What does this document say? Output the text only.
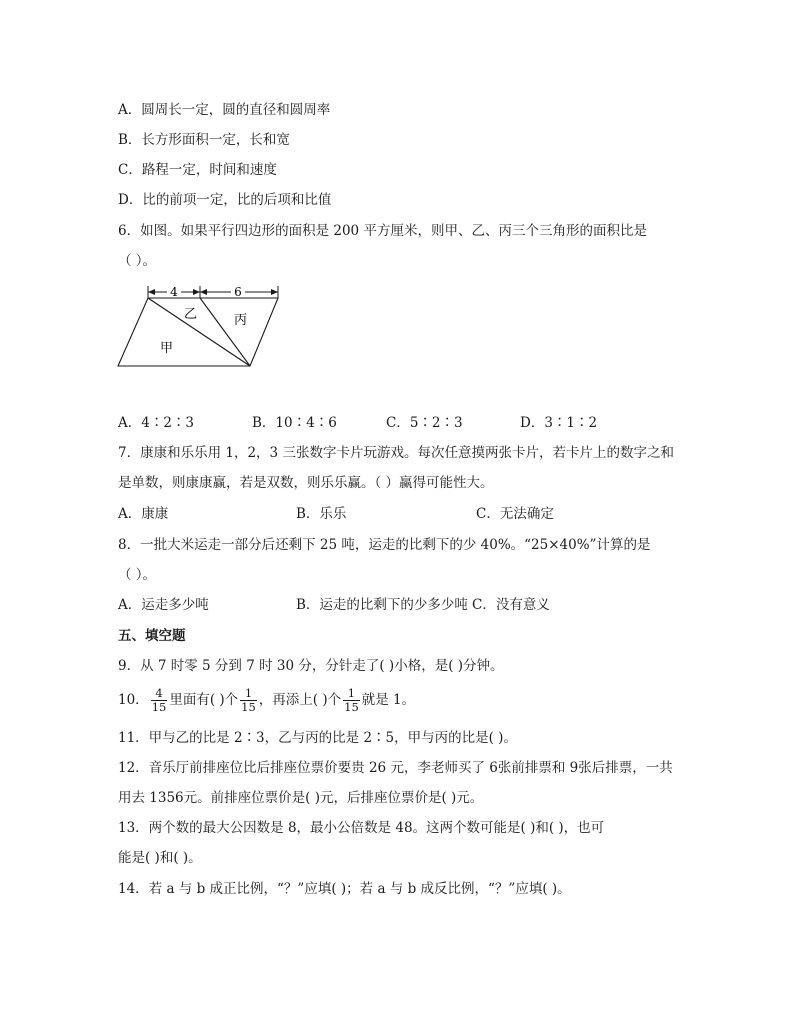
A．圆周长一定，圆的直径和圆周率
B．长方形面积一定，长和宽
C．路程一定，时间和速度
D．比的前项一定，比的后项和比值
6．如图。如果平行四边形的面积是 200 平方厘米，则甲、乙、丙三个三角形的面积比是
（ ）。
4	6
甲
乙	丙
A．4∶2∶3	B．10∶4∶6	C．5∶2∶3	D．3∶1∶2
7．康康和乐乐用 1，2，3 三张数字卡片玩游戏。每次任意摸两张卡片，若卡片上的数字之和
是单数，则康康赢，若是双数，则乐乐赢。（ ）赢得可能性大。
A．康康	B．乐乐	C．无法确定
8．一批大米运走一部分后还剩下 25 吨，运走的比剩下的少 40%。“25×40%”计算的是
（ ）。
A．运走多少吨	B．运走的比剩下的少多少吨 C．没有意义
五、填空题
9．从 7 时零 5 分到 7 时 30 分，分针走了( )小格，是( )分钟。
10． $\frac{4}{15}$ 里面有( )个 $\frac{1}{15}$ ，再添上( )个 $\frac{1}{15}$ 就是 1。
11．甲与乙的比是 2∶3，乙与丙的比是 2∶5，甲与丙的比是( )。
12．音乐厅前排座位比后排座位票价要贵 26 元，李老师买了 6张前排票和 9张后排票，一共
用去 1356元。前排座位票价是( )元，后排座位票价是( )元。
13．两个数的最大公因数是 8，最小公倍数是 48。这两个数可能是( )和( )，也可
能是( )和( )。
14．若 a 与 b 成正比例，“？”应填( )；若 a 与 b 成反比例，“？”应填( )。
